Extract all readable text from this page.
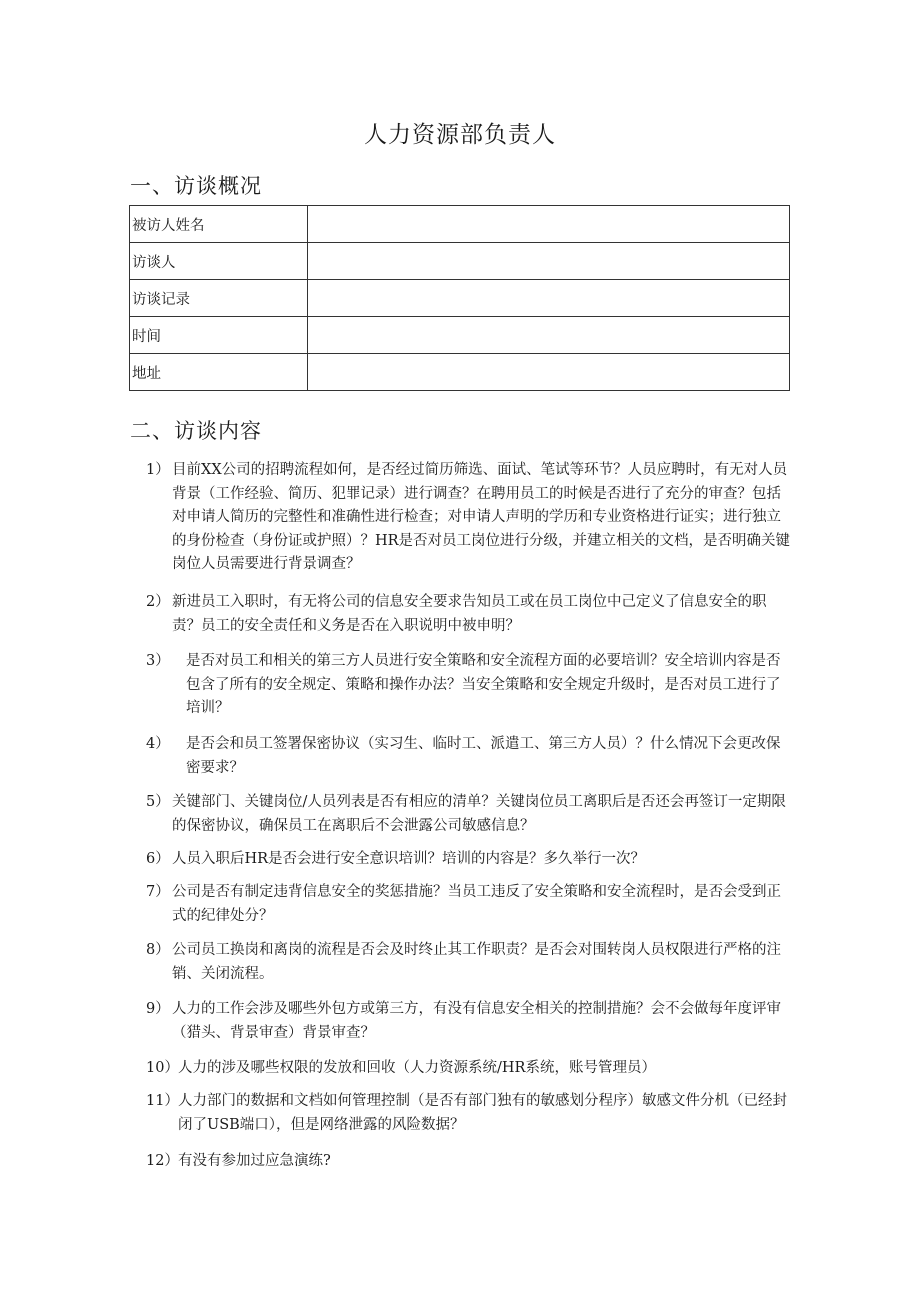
人力资源部负责人
一、访谈概况
被访人姓名	
访谈人	
访谈记录	
时间	
地址	
二、访谈内容
1） 目前XX公司的招聘流程如何，是否经过简历筛选、面试、笔试等环节？人员应聘时，有无对人员背景（工作经验、简历、犯罪记录）进行调查？在聘用员工的时候是否进行了充分的审查？包括对申请人简历的完整性和准确性进行检查；对申请人声明的学历和专业资格进行证实；进行独立的身份检查（身份证或护照）？HR是否对员工岗位进行分级，并建立相关的文档，是否明确关键岗位人员需要进行背景调查？
2） 新进员工入职时，有无将公司的信息安全要求告知员工或在员工岗位中己定义了信息安全的职责？员工的安全责任和义务是否在入职说明中被申明？
3）	是否对员工和相关的第三方人员进行安全策略和安全流程方面的必要培训？安全培训内容是否包含了所有的安全规定、策略和操作办法？当安全策略和安全规定升级时，是否对员工进行了培训？
4）	是否会和员工签署保密协议（实习生、临时工、派遣工、第三方人员）？什么情况下会更改保密要求？
5） 关键部门、关键岗位/人员列表是否有相应的清单？关键岗位员工离职后是否还会再签订一定期限的保密协议，确保员工在离职后不会泄露公司敏感信息？
6） 人员入职后HR是否会进行安全意识培训？培训的内容是？多久举行一次？
7） 公司是否有制定违背信息安全的奖惩措施？当员工违反了安全策略和安全流程时，是否会受到正式的纪律处分？
8） 公司员工换岗和离岗的流程是否会及时终止其工作职责？是否会对围转岗人员权限进行严格的注销、关闭流程。
9） 人力的工作会涉及哪些外包方或第三方，有没有信息安全相关的控制措施？会不会做每年度评审（猎头、背景审查）背景审查？
10） 人力的涉及哪些权限的发放和回收（人力资源系统/HR系统，账号管理员）
11） 人力部门的数据和文档如何管理控制（是否有部门独有的敏感划分程序）敏感文件分机（已经封闭了USB端口），但是网络泄露的风险数据？
12） 有没有参加过应急演练?
